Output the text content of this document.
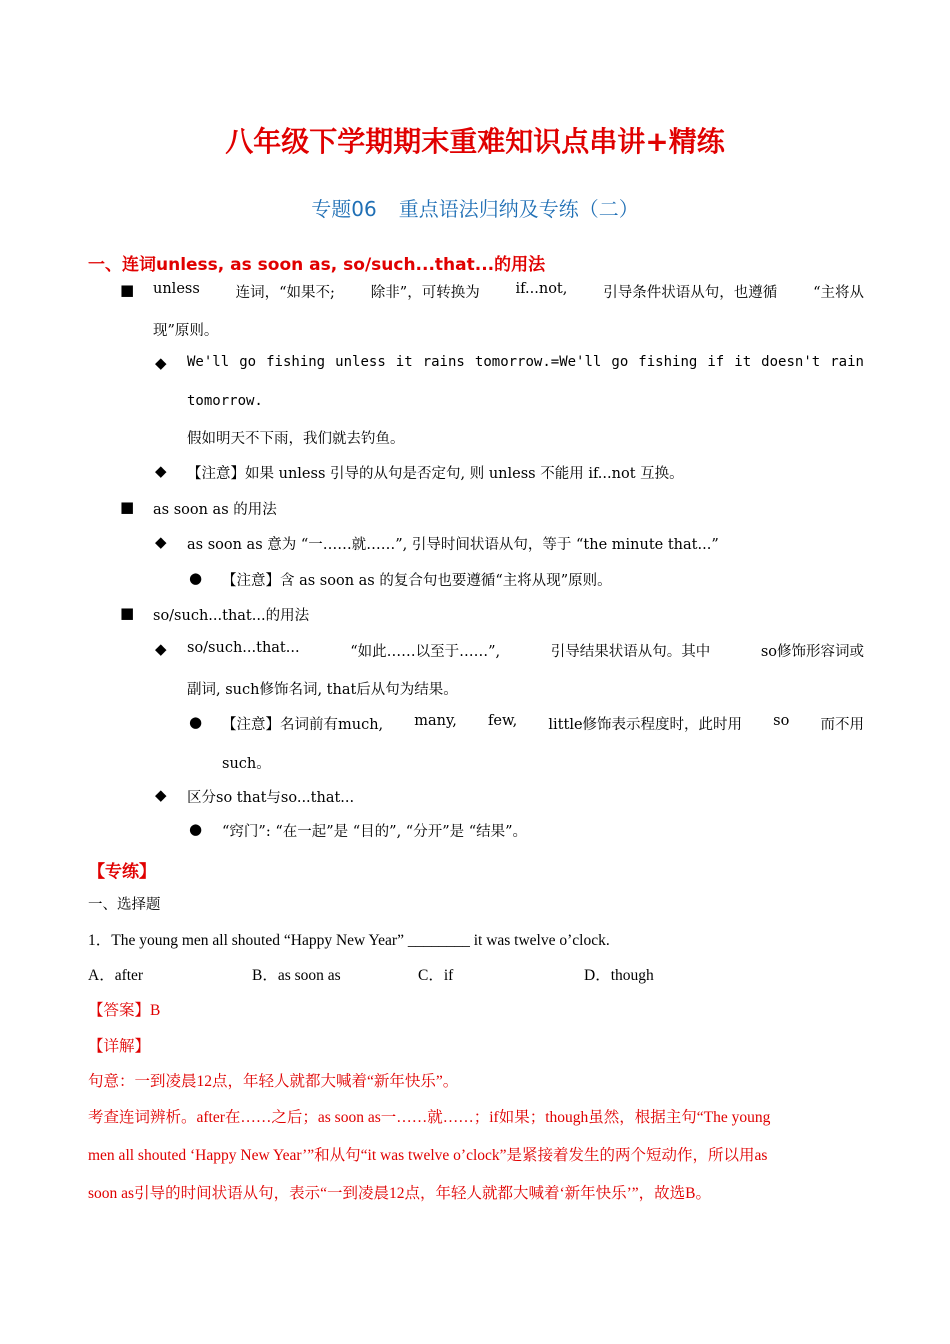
八年级下学期期末重难知识点串讲+精练
专题06 重点语法归纳及专练（二）
一、连词unless, as soon as, so/such...that...的用法
■ unless 连词，“如果不; 除非”，可转换为 if...not, 引导条件状语从句，也遵循 “主将从
现”原则。
◆ We'll go fishing unless it rains tomorrow.=We'll go fishing if it doesn't rain
tomorrow.
假如明天不下雨，我们就去钓鱼。
◆ 【注意】如果 unless 引导的从句是否定句, 则 unless 不能用 if...not 互换。
■ as soon as 的用法
◆ as soon as 意为 “一……就……”, 引导时间状语从句，等于 “the minute that...”
● 【注意】含 as soon as 的复合句也要遵循“主将从现”原则。
■ so/such...that...的用法
◆ so/such...that...	“如此……以至于……”,	引导结果状语从句。其中	so修饰形容词或
副词, such修饰名词, that后从句为结果。
● 【注意】名词前有much, many, few, little修饰表示程度时，此时用 so 而不用
such。
◆ 区分so that与so...that...
● “窍门”: “在一起”是 “目的”, “分开”是 “结果”。
【专练】
一、选择题
1．The young men all shouted “Happy New Year” ________ it was twelve o’clock.
A．after	B．as soon as	C．if	D．though
【答案】B
【详解】
句意：一到凌晨12点，年轻人就都大喊着“新年快乐”。
考查连词辨析。after在……之后；as soon as一……就……；if如果；though虽然，根据主句“The young
men all shouted ‘Happy New Year’”和从句“it was twelve o’clock”是紧接着发生的两个短动作，所以用as
soon as引导的时间状语从句，表示“一到凌晨12点，年轻人就都大喊着‘新年快乐’”，故选B。
